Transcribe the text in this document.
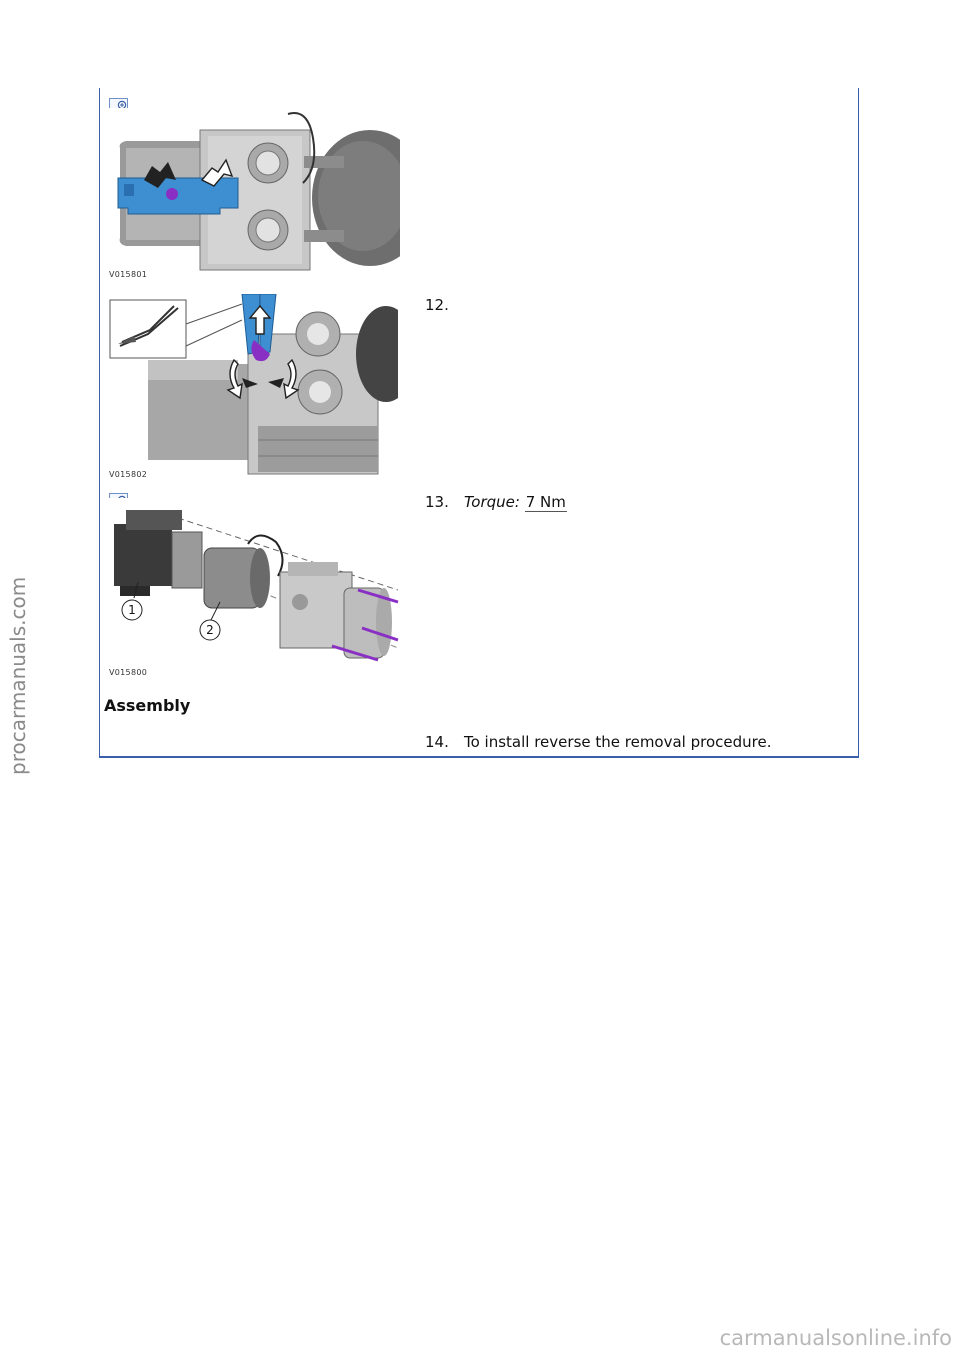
V015801
V015802
1
2
V015800
12.
13. Torque: 7 Nm
Assembly
14. To install reverse the removal procedure.
procarmanuals.com
carmanualsonline.info
